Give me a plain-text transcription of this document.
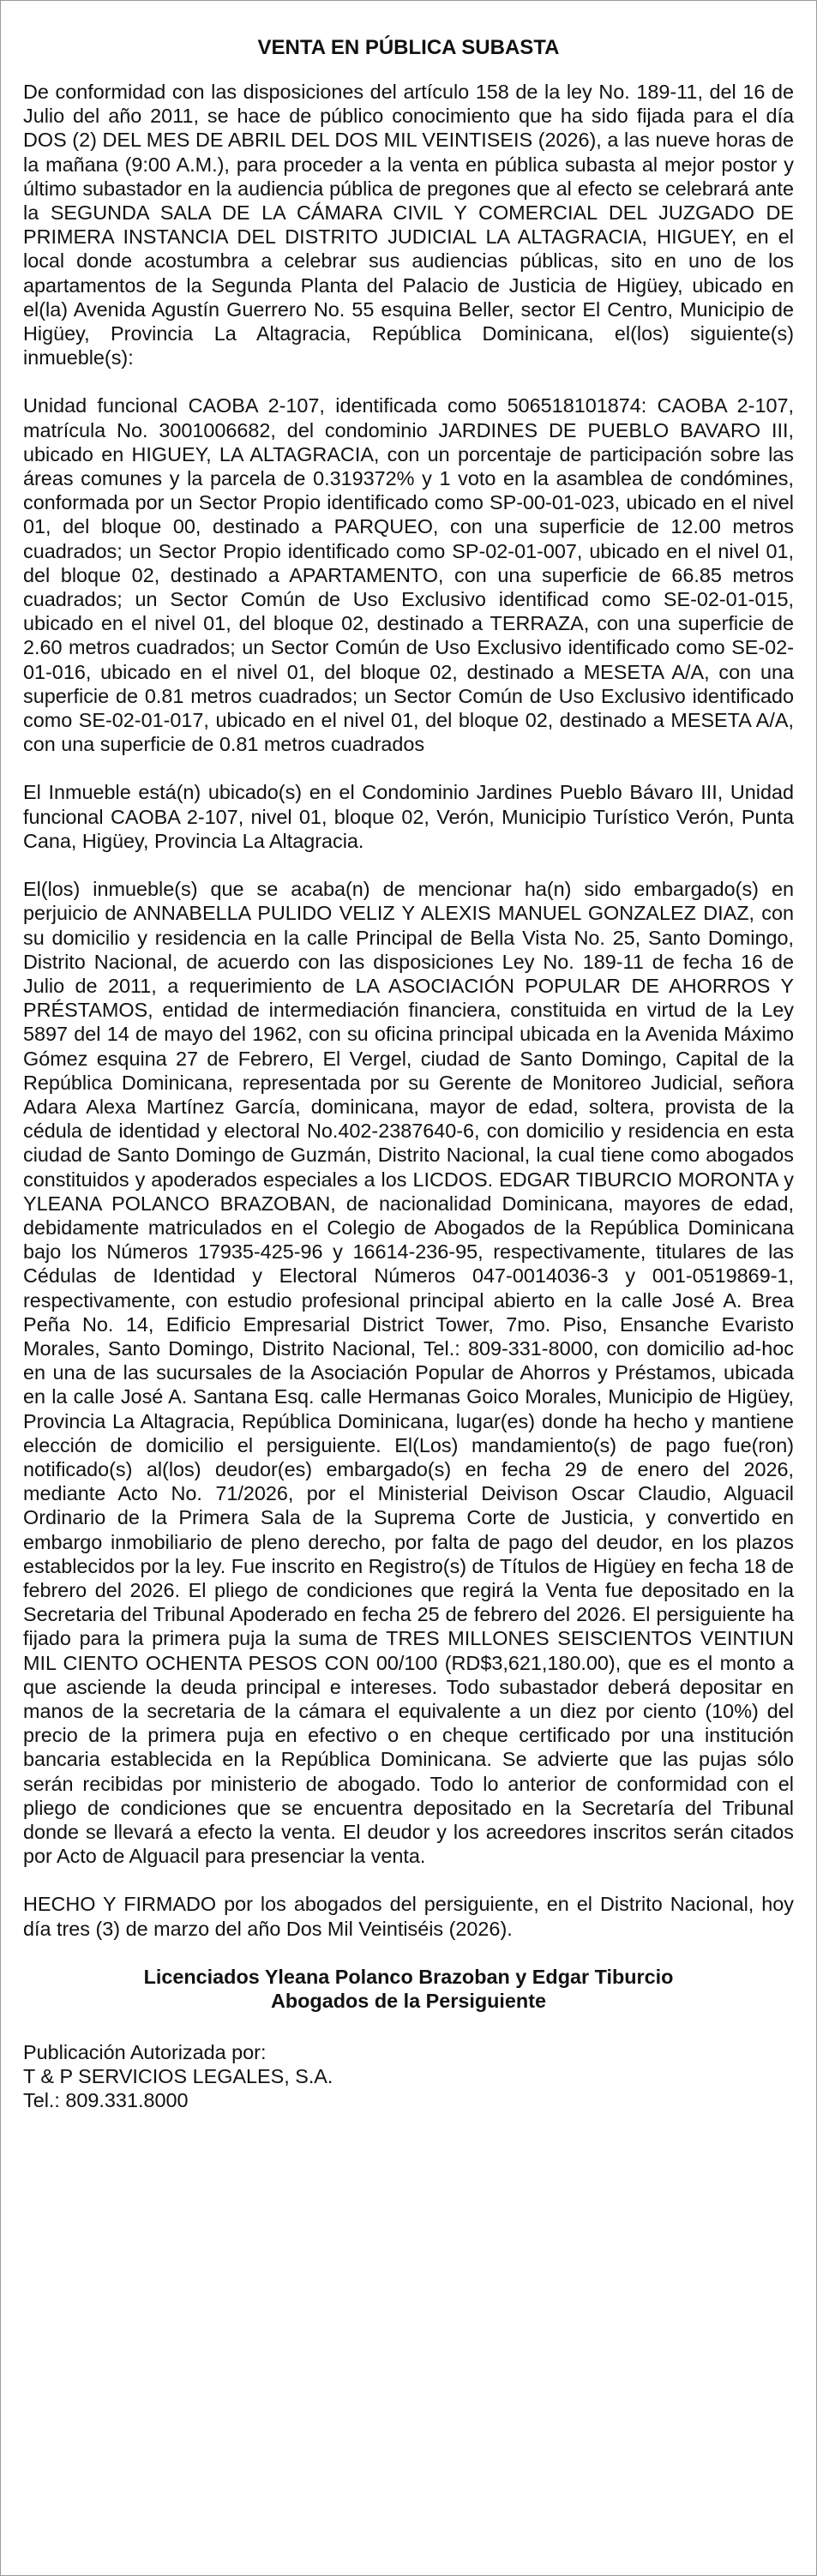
VENTA EN PÚBLICA SUBASTA

De conformidad con las disposiciones del artículo 158 de la ley No. 189-11, del 16 de Julio del año 2011, se hace de público conocimiento que ha sido fijada para el día DOS (2) DEL MES DE ABRIL DEL DOS MIL VEINTISEIS (2026), a las nueve horas de la mañana (9:00 A.M.), para proceder a la venta en pública subasta al mejor postor y último subastador en la audiencia pública de pregones que al efecto se celebrará ante la SEGUNDA SALA DE LA CÁMARA CIVIL Y COMERCIAL DEL JUZGADO DE PRIMERA INSTANCIA DEL DISTRITO JUDICIAL LA ALTAGRACIA, HIGUEY, en el local donde acostumbra a celebrar sus audiencias públicas, sito en uno de los apartamentos de la Segunda Planta del Palacio de Justicia de Higüey, ubicado en el(la) Avenida Agustín Guerrero No. 55 esquina Beller, sector El Centro, Municipio de Higüey, Provincia La Altagracia, República Dominicana, el(los) siguiente(s) inmueble(s):

Unidad funcional CAOBA 2-107, identificada como 506518101874: CAOBA 2-107, matrícula No. 3001006682, del condominio JARDINES DE PUEBLO BAVARO III, ubicado en HIGUEY, LA ALTAGRACIA, con un porcentaje de participación sobre las áreas comunes y la parcela de 0.319372% y 1 voto en la asamblea de condómines, conformada por un Sector Propio identificado como SP-00-01-023, ubicado en el nivel 01, del bloque 00, destinado a PARQUEO, con una superficie de 12.00 metros cuadrados; un Sector Propio identificado como SP-02-01-007, ubicado en el nivel 01, del bloque 02, destinado a APARTAMENTO, con una superficie de 66.85 metros cuadrados; un Sector Común de Uso Exclusivo identificad como SE-02-01-015, ubicado en el nivel 01, del bloque 02, destinado a TERRAZA, con una superficie de 2.60 metros cuadrados; un Sector Común de Uso Exclusivo identificado como SE-02-01-016, ubicado en el nivel 01, del bloque 02, destinado a MESETA A/A, con una superficie de 0.81 metros cuadrados; un Sector Común de Uso Exclusivo identificado como SE-02-01-017, ubicado en el nivel 01, del bloque 02, destinado a MESETA A/A, con una superficie de 0.81 metros cuadrados

El Inmueble está(n) ubicado(s) en el Condominio Jardines Pueblo Bávaro III, Unidad funcional CAOBA 2-107, nivel 01, bloque 02, Verón, Municipio Turístico Verón, Punta Cana, Higüey, Provincia La Altagracia.

El(los) inmueble(s) que se acaba(n) de mencionar ha(n) sido embargado(s) en perjuicio de ANNABELLA PULIDO VELIZ Y ALEXIS MANUEL GONZALEZ DIAZ, con su domicilio y residencia en la calle Principal de Bella Vista No. 25, Santo Domingo, Distrito Nacional, de acuerdo con las disposiciones Ley No. 189-11 de fecha 16 de Julio de 2011, a requerimiento de LA ASOCIACIÓN POPULAR DE AHORROS Y PRÉSTAMOS, entidad de intermediación financiera, constituida en virtud de la Ley 5897 del 14 de mayo del 1962, con su oficina principal ubicada en la Avenida Máximo Gómez esquina 27 de Febrero, El Vergel, ciudad de Santo Domingo, Capital de la República Dominicana, representada por su Gerente de Monitoreo Judicial, señora Adara Alexa Martínez García, dominicana, mayor de edad, soltera, provista de la cédula de identidad y electoral No.402-2387640-6, con domicilio y residencia en esta ciudad de Santo Domingo de Guzmán, Distrito Nacional, la cual tiene como abogados constituidos y apoderados especiales a los LICDOS. EDGAR TIBURCIO MORONTA y YLEANA POLANCO BRAZOBAN, de nacionalidad Dominicana, mayores de edad, debidamente matriculados en el Colegio de Abogados de la República Dominicana bajo los Números 17935-425-96 y 16614-236-95, respectivamente, titulares de las Cédulas de Identidad y Electoral Números 047-0014036-3 y 001-0519869-1, respectivamente, con estudio profesional principal abierto en la calle José A. Brea Peña No. 14, Edificio Empresarial District Tower, 7mo. Piso, Ensanche Evaristo Morales, Santo Domingo, Distrito Nacional, Tel.: 809-331-8000, con domicilio ad-hoc en una de las sucursales de la Asociación Popular de Ahorros y Préstamos, ubicada en la calle José A. Santana Esq. calle Hermanas Goico Morales, Municipio de Higüey, Provincia La Altagracia, República Dominicana, lugar(es) donde ha hecho y mantiene elección de domicilio el persiguiente. El(Los) mandamiento(s) de pago fue(ron) notificado(s) al(los) deudor(es) embargado(s) en fecha 29 de enero del 2026, mediante Acto No. 71/2026, por el Ministerial Deivison Oscar Claudio, Alguacil Ordinario de la Primera Sala de la Suprema Corte de Justicia, y convertido en embargo inmobiliario de pleno derecho, por falta de pago del deudor, en los plazos establecidos por la ley. Fue inscrito en Registro(s) de Títulos de Higüey en fecha 18 de febrero del 2026. El pliego de condiciones que regirá la Venta fue depositado en la Secretaria del Tribunal Apoderado en fecha 25 de febrero del 2026. El persiguiente ha fijado para la primera puja la suma de TRES MILLONES SEISCIENTOS VEINTIUN MIL CIENTO OCHENTA PESOS CON 00/100 (RD$3,621,180.00), que es el monto a que asciende la deuda principal e intereses. Todo subastador deberá depositar en manos de la secretaria de la cámara el equivalente a un diez por ciento (10%) del precio de la primera puja en efectivo o en cheque certificado por una institución bancaria establecida en la República Dominicana. Se advierte que las pujas sólo serán recibidas por ministerio de abogado. Todo lo anterior de conformidad con el pliego de condiciones que se encuentra depositado en la Secretaría del Tribunal donde se llevará a efecto la venta. El deudor y los acreedores inscritos serán citados por Acto de Alguacil para presenciar la venta.

HECHO Y FIRMADO por los abogados del persiguiente, en el Distrito Nacional, hoy día tres (3) de marzo del año Dos Mil Veintiséis (2026).

Licenciados Yleana Polanco Brazoban y Edgar Tiburcio
Abogados de la Persiguiente
Publicación Autorizada por:
T & P SERVICIOS LEGALES, S.A.
Tel.: 809.331.8000
